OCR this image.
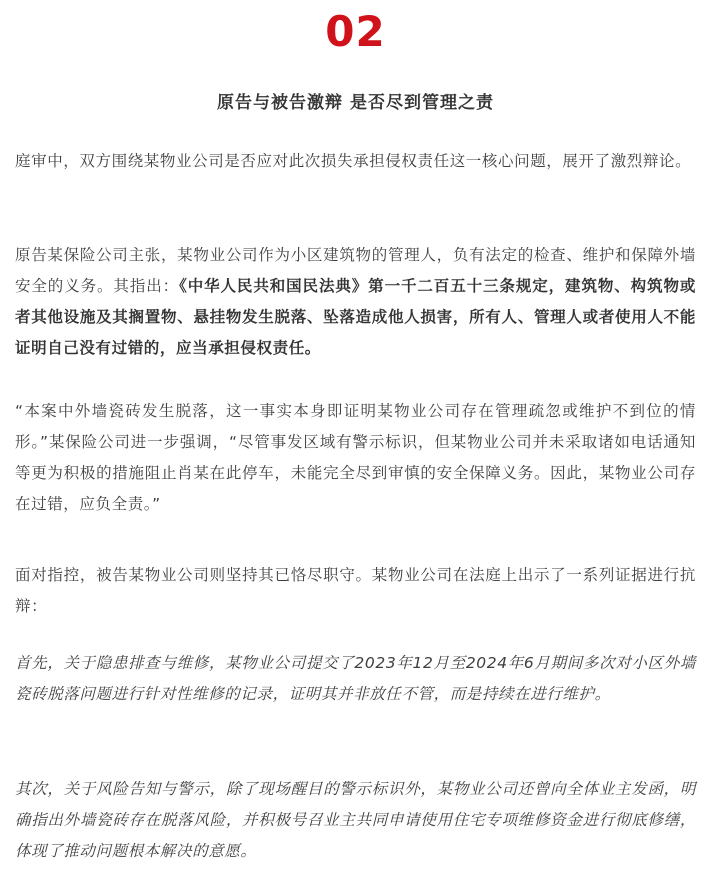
02
原告与被告激辩 是否尽到管理之责

庭审中，双方围绕某物业公司是否应对此次损失承担侵权责任这一核心问题，展开了激烈辩论。

原告某保险公司主张，某物业公司作为小区建筑物的管理人，负有法定的检查、维护和保障外墙安全的义务。其指出：《中华人民共和国民法典》第一千二百五十三条规定，建筑物、构筑物或者其他设施及其搁置物、悬挂物发生脱落、坠落造成他人损害，所有人、管理人或者使用人不能证明自己没有过错的，应当承担侵权责任。

“本案中外墙瓷砖发生脱落，这一事实本身即证明某物业公司存在管理疏忽或维护不到位的情形。”某保险公司进一步强调，“尽管事发区域有警示标识，但某物业公司并未采取诸如电话通知等更为积极的措施阻止肖某在此停车，未能完全尽到审慎的安全保障义务。因此，某物业公司存在过错，应负全责。”

面对指控，被告某物业公司则坚持其已恪尽职守。某物业公司在法庭上出示了一系列证据进行抗辩：

首先，关于隐患排查与维修，某物业公司提交了2023年12月至2024年6月期间多次对小区外墙瓷砖脱落问题进行针对性维修的记录，证明其并非放任不管，而是持续在进行维护。

其次，关于风险告知与警示，除了现场醒目的警示标识外，某物业公司还曾向全体业主发函，明确指出外墙瓷砖存在脱落风险，并积极号召业主共同申请使用住宅专项维修资金进行彻底修缮，体现了推动问题根本解决的意愿。
